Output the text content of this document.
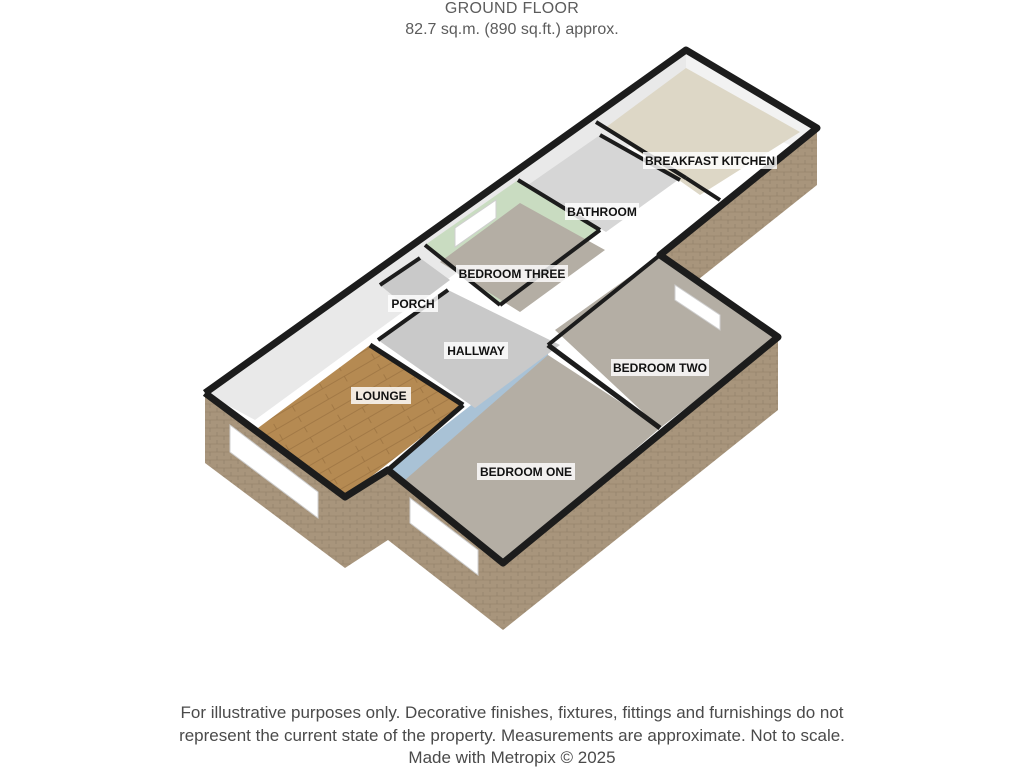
GROUND FLOOR
82.7 sq.m. (890 sq.ft.) approx.
LOUNGE
PORCH
HALLWAY
BEDROOM THREE
BATHROOM
BREAKFAST KITCHEN
BEDROOM TWO
BEDROOM ONE
For illustrative purposes only. Decorative finishes, fixtures, fittings and furnishings do not
represent the current state of the property. Measurements are approximate. Not to scale.
Made with Metropix © 2025
